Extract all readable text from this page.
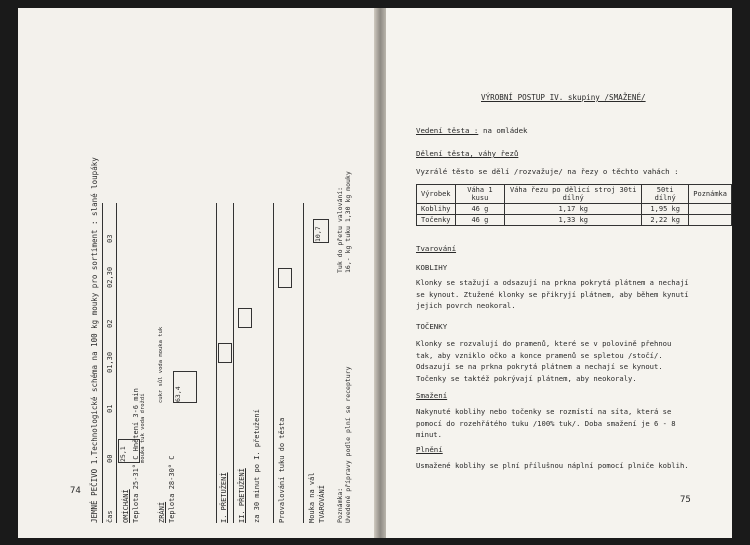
JEMNÉ PEČIVO 1.Technologické schéma na 100 kg mouky pro sortiment : slané loupáky čas
00
01
01,30
02
02,30
03
OMÍCHÁNÍ Teplota 25-31° C Hnětení 3-6 min	ZRÁNÍ Teplota 28-30° C	I. PŘETUŽENÍ II. PŘETUŽENÍ za 30 minut po I. přetužení Provalování tuku do těsta	Mouka na vál TVAROVÁNÍ
25,1	mouka tuk voda droždí	63,4
cukr sůl voda mouka tuk
10,7	Tuk do přetu valování: 16,- kg tuku 1,30 kg mouky
Poznámka: Uvedené přípravy podle plní se receptury
74
VÝROBNÍ POSTUP IV. skupiny /SMAŽENÉ/
Vedení těsta : na omládek
Dělení těsta, váhy řezů
Vyzrálé těsto se dělí /rozvažuje/ na řezy o těchto vahách :
Výrobek	Váha 1 kusu	Váha řezu po dělicí stroj 30ti dílný	50ti dílný	Poznámka
Koblihy	46 g	1,17 kg	1,95 kg	
Točenky	46 g	1,33 kg	2,22 kg	
Tvarování
KOBLIHY

Klonky se stažují a odsazují na prkna pokrytá plátnem a nechají se kynout. Ztužené klonky se přikryjí plátnem, aby během kynutí jejich povrch neokoral.

TOČENKY

Klonky se rozvalují do pramenů, které se v polovině přehnou tak, aby vzniklo očko a konce pramenů se spletou /stočí/. Odsazují se na prkna pokrytá plátnem a nechají se kynout. Točenky se taktéž pokrývají plátnem, aby neokoraly.

Smažení

Nakynuté koblihy nebo točenky se rozmístí na síta, která se pomocí do rozehřátého tuku /100% tuk/. Doba smažení je 6 - 8 minut.

Plnění

Usmažené koblihy se plní přílušnou náplní pomocí plniče koblih.

75
